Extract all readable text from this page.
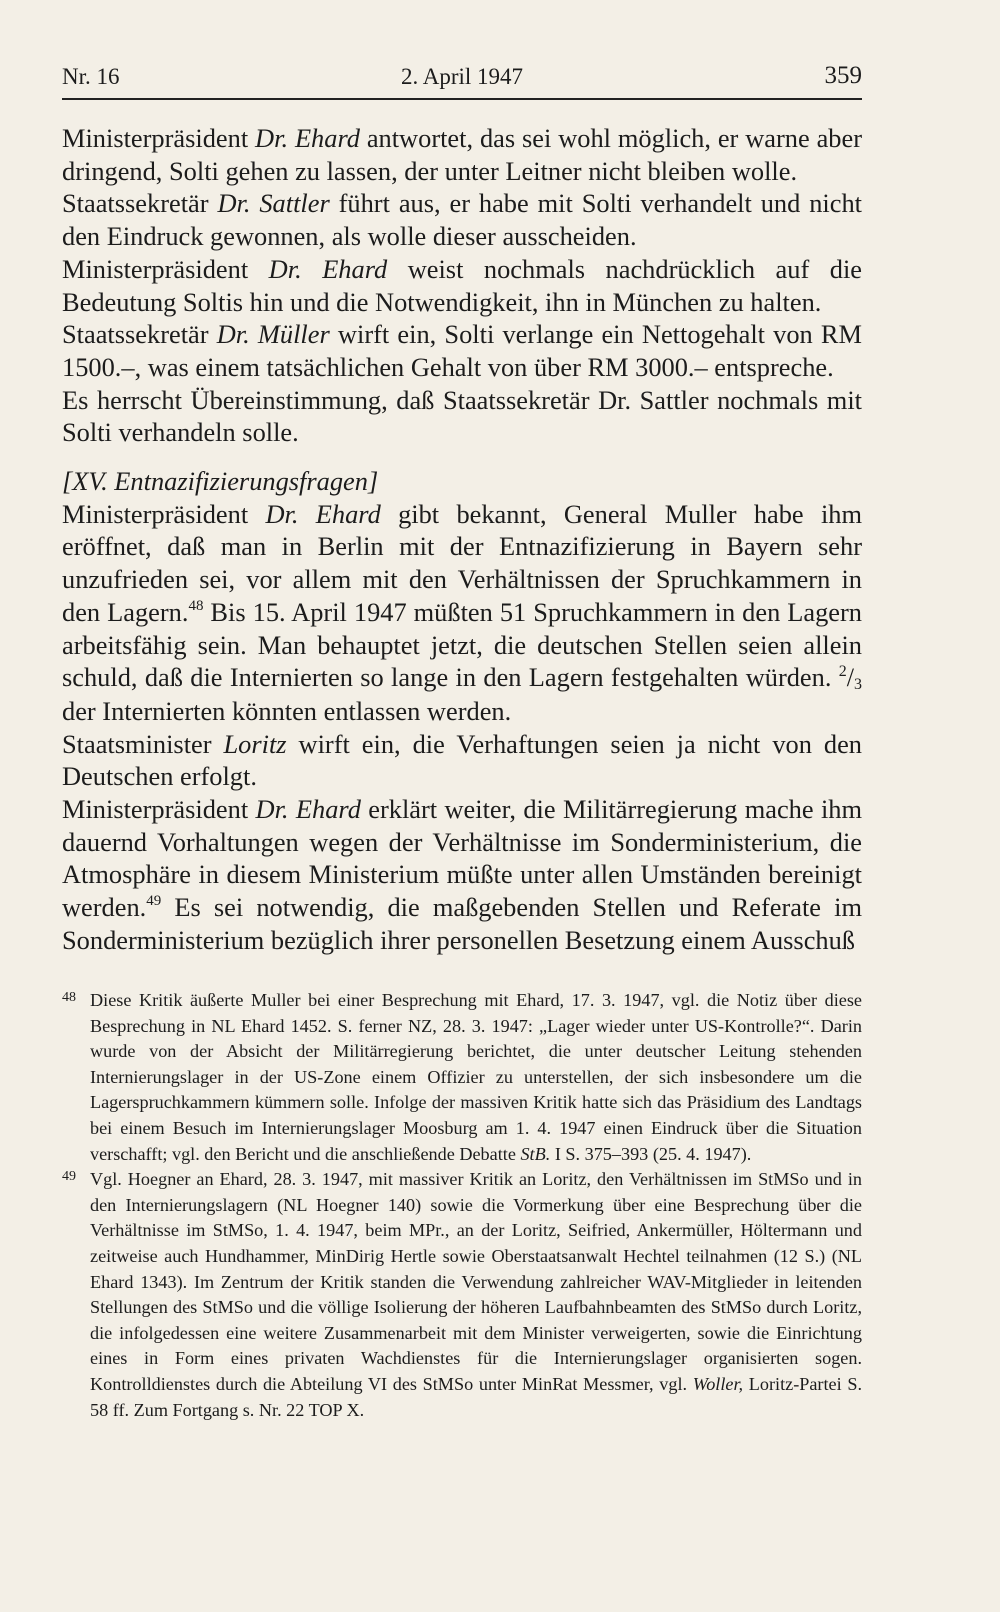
Nr. 16	2. April 1947	359

Ministerpräsident Dr. Ehard antwortet, das sei wohl möglich, er warne aber dringend, Solti gehen zu lassen, der unter Leitner nicht bleiben wolle.

Staatssekretär Dr. Sattler führt aus, er habe mit Solti verhandelt und nicht den Eindruck gewonnen, als wolle dieser ausscheiden.

Ministerpräsident Dr. Ehard weist nochmals nachdrücklich auf die Bedeutung Soltis hin und die Notwendigkeit, ihn in München zu halten.

Staatssekretär Dr. Müller wirft ein, Solti verlange ein Nettogehalt von RM 1500.–, was einem tatsächlichen Gehalt von über RM 3000.– entspreche.

Es herrscht Übereinstimmung, daß Staatssekretär Dr. Sattler nochmals mit Solti verhandeln solle.

[XV. Entnazifizierungsfragen]

Ministerpräsident Dr. Ehard gibt bekannt, General Muller habe ihm eröffnet, daß man in Berlin mit der Entnazifizierung in Bayern sehr unzufrieden sei, vor allem mit den Verhältnissen der Spruchkammern in den Lagern.$^{48}$ Bis 15. April 1947 müßten 51 Spruchkammern in den Lagern arbeitsfähig sein. Man behauptet jetzt, die deutschen Stellen seien allein schuld, daß die Internierten so lange in den Lagern festgehalten würden. $^2/_3$ der Internierten könnten entlassen werden.

Staatsminister Loritz wirft ein, die Verhaftungen seien ja nicht von den Deutschen erfolgt.

Ministerpräsident Dr. Ehard erklärt weiter, die Militärregierung mache ihm dauernd Vorhaltungen wegen der Verhältnisse im Sonderministerium, die Atmosphäre in diesem Ministerium müßte unter allen Umständen bereinigt werden.$^{49}$ Es sei notwendig, die maßgebenden Stellen und Referate im Sonderministerium bezüglich ihrer personellen Besetzung einem Ausschuß

48 Diese Kritik äußerte Muller bei einer Besprechung mit Ehard, 17. 3. 1947, vgl. die Notiz über diese Besprechung in NL Ehard 1452. S. ferner NZ, 28. 3. 1947: „Lager wieder unter US-Kontrolle?“. Darin wurde von der Absicht der Militärregierung berichtet, die unter deutscher Leitung stehenden Internierungslager in der US-Zone einem Offizier zu unterstellen, der sich insbesondere um die Lagerspruchkammern kümmern solle. Infolge der massiven Kritik hatte sich das Präsidium des Landtags bei einem Besuch im Internierungslager Moosburg am 1. 4. 1947 einen Eindruck über die Situation verschafft; vgl. den Bericht und die anschließende Debatte StB. I S. 375–393 (25. 4. 1947).

49 Vgl. Hoegner an Ehard, 28. 3. 1947, mit massiver Kritik an Loritz, den Verhältnissen im StMSo und in den Internierungslagern (NL Hoegner 140) sowie die Vormerkung über eine Besprechung über die Verhältnisse im StMSo, 1. 4. 1947, beim MPr., an der Loritz, Seifried, Ankermüller, Höltermann und zeitweise auch Hundhammer, MinDirig Hertle sowie Oberstaatsanwalt Hechtel teilnahmen (12 S.) (NL Ehard 1343). Im Zentrum der Kritik standen die Verwendung zahlreicher WAV-Mitglieder in leitenden Stellungen des StMSo und die völlige Isolierung der höheren Laufbahnbeamten des StMSo durch Loritz, die infolgedessen eine weitere Zusammenarbeit mit dem Minister verweigerten, sowie die Einrichtung eines in Form eines privaten Wachdienstes für die Internierungslager organisierten sogen. Kontrolldienstes durch die Abteilung VI des StMSo unter MinRat Messmer, vgl. Woller, Loritz-Partei S. 58 ff. Zum Fortgang s. Nr. 22 TOP X.
